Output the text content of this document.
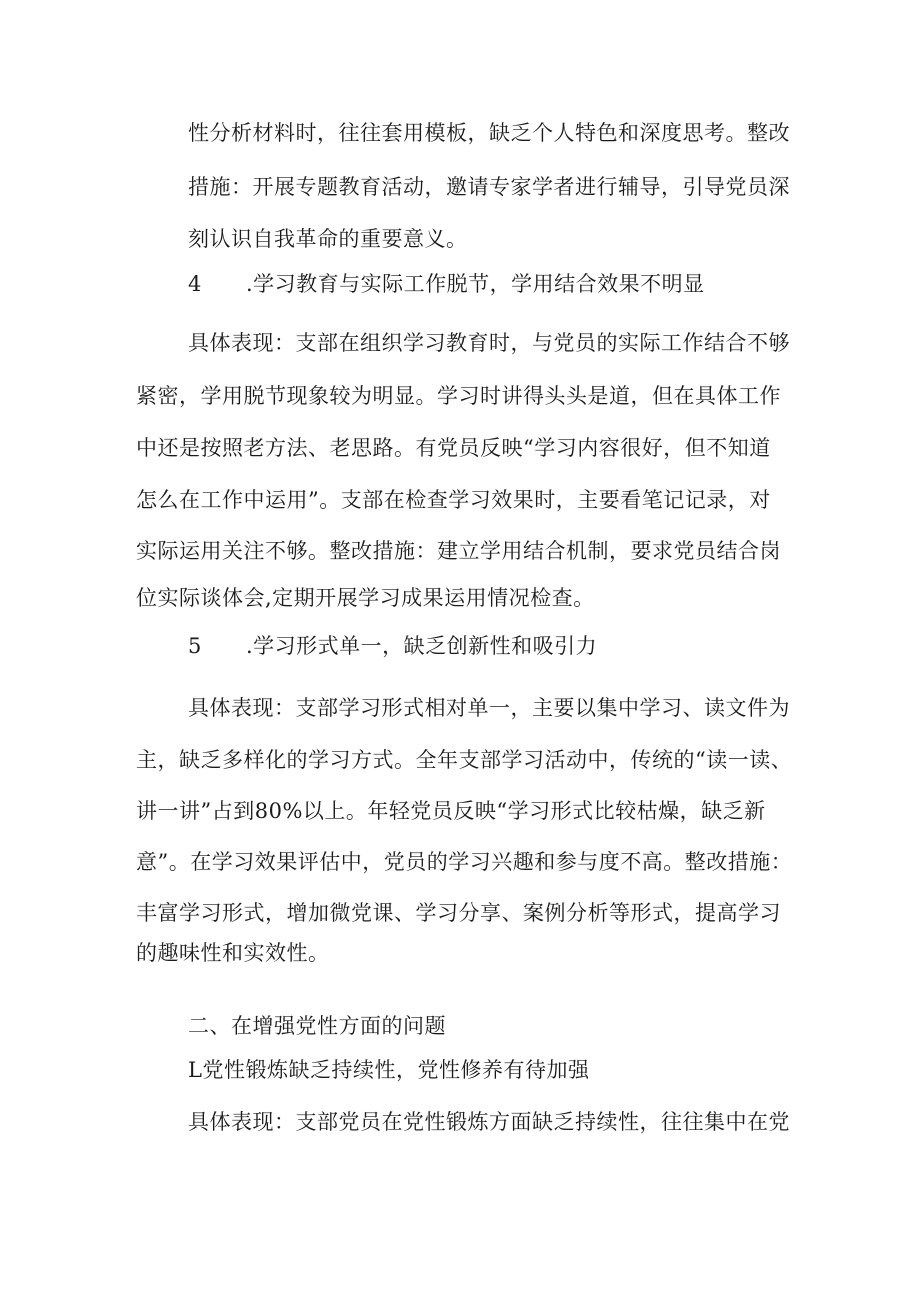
性分析材料时，往往套用模板，缺乏个人特色和深度思考。整改
措施：开展专题教育活动，邀请专家学者进行辅导，引导党员深
刻认识自我革命的重要意义。
4 .学习教育与实际工作脱节，学用结合效果不明显
具体表现：支部在组织学习教育时，与党员的实际工作结合不够
紧密，学用脱节现象较为明显。学习时讲得头头是道，但在具体工作
中还是按照老方法、老思路。有党员反映“学习内容很好，但不知道
怎么在工作中运用”。支部在检查学习效果时，主要看笔记记录，对
实际运用关注不够。整改措施：建立学用结合机制，要求党员结合岗
位实际谈体会,定期开展学习成果运用情况检查。
5 .学习形式单一，缺乏创新性和吸引力
具体表现：支部学习形式相对单一，主要以集中学习、读文件为
主，缺乏多样化的学习方式。全年支部学习活动中，传统的“读一读、
讲一讲”占到80%以上。年轻党员反映“学习形式比较枯燥，缺乏新
意”。在学习效果评估中，党员的学习兴趣和参与度不高。整改措施：
丰富学习形式，增加微党课、学习分享、案例分析等形式，提高学习
的趣味性和实效性。
二、在增强党性方面的问题
L党性锻炼缺乏持续性，党性修养有待加强
具体表现：支部党员在党性锻炼方面缺乏持续性，往往集中在党
